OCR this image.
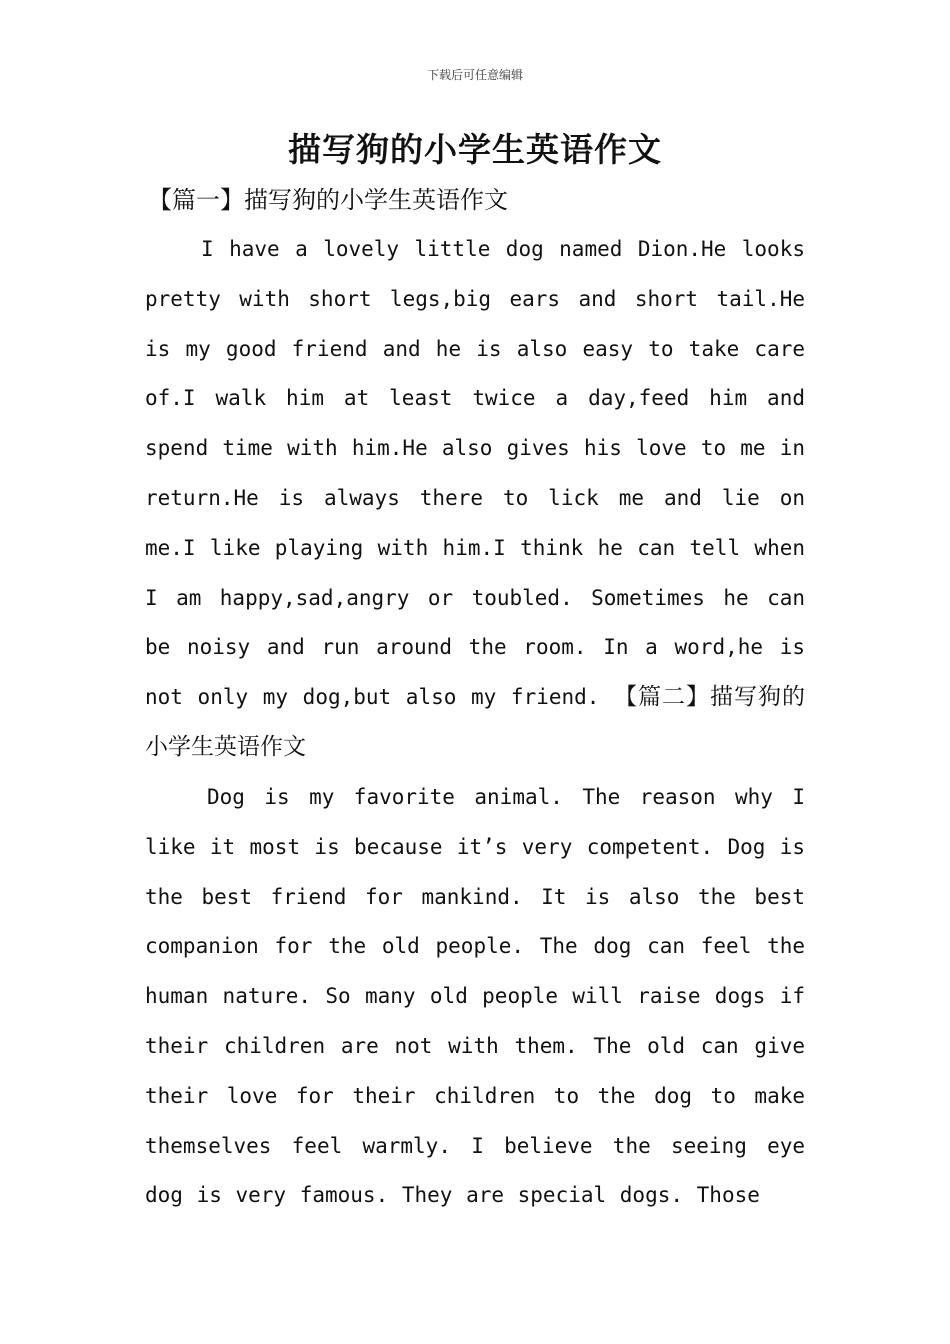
下载后可任意编辑
描写狗的小学生英语作文
【篇一】描写狗的小学生英语作文

I have a lovely little dog named Dion.He looks pretty with short legs,big ears and short tail.He is my good friend and he is also easy to take care of.I walk him at least twice a day,feed him and spend time with him.He also gives his love to me in return.He is always there to lick me and lie on me.I like playing with him.I think he can tell when I am happy,sad,angry or toubled. Sometimes he can be noisy and run around the room. In a word,he is not only my dog,but also my friend. 【篇二】描写狗的小学生英语作文

Dog is my favorite animal. The reason why I like it most is because it’s very competent. Dog is the best friend for mankind. It is also the best companion for the old people. The dog can feel the human nature. So many old people will raise dogs if their children are not with them. The old can give their love for their children to the dog to make themselves feel warmly. I believe the seeing eye dog is very famous. They are special dogs. Those
